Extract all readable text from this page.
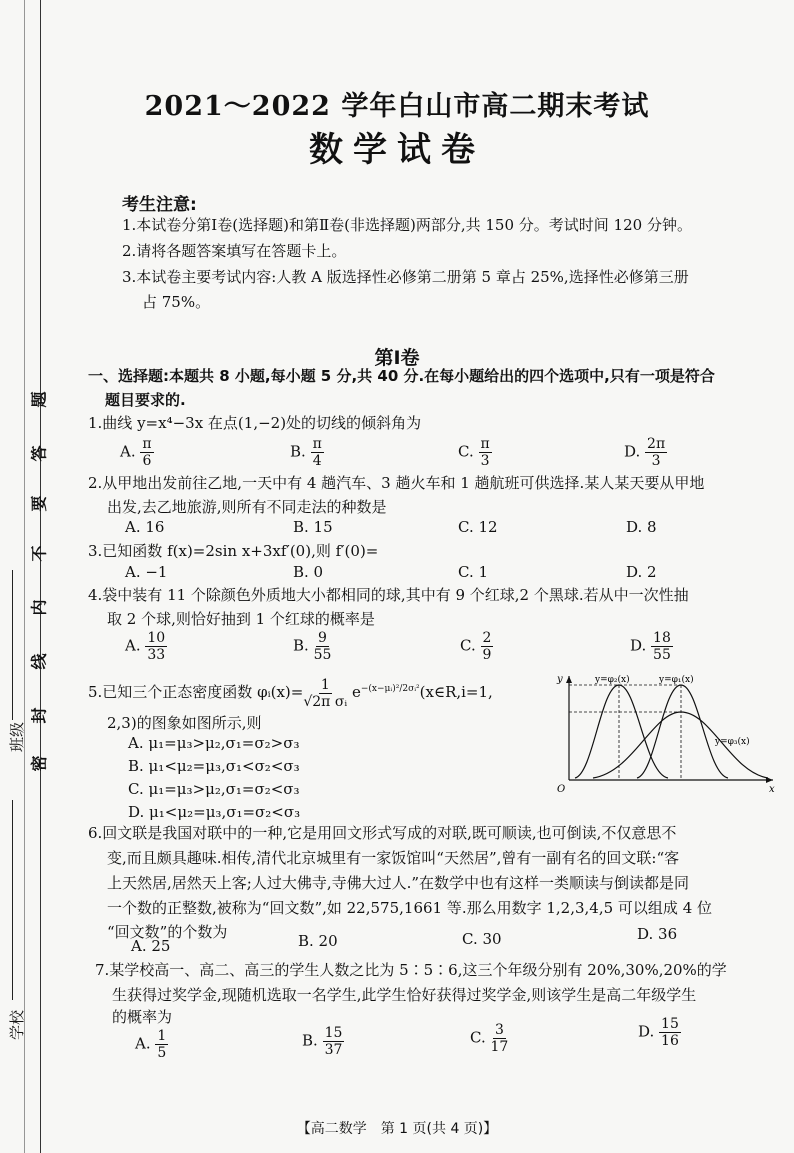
题
答
要
不
内
线
封
密
学校
班级
2021～2022 学年白山市高二期末考试
数学试卷
考生注意:
1.本试卷分第Ⅰ卷(选择题)和第Ⅱ卷(非选择题)两部分,共 150 分。考试时间 120 分钟。
2.请将各题答案填写在答题卡上。
3.本试卷主要考试内容:人教 A 版选择性必修第二册第 5 章占 25%,选择性必修第三册
占 75%。
第Ⅰ卷
一、选择题:本题共 8 小题,每小题 5 分,共 40 分.在每小题给出的四个选项中,只有一项是符合
题目要求的.
1.曲线 y=x⁴−3x 在点(1,−2)处的切线的倾斜角为
A. $\frac{\pi}{6}$	B. $\frac{\pi}{4}$	C. $\frac{\pi}{3}$	D. $\frac{2\pi}{3}$
2.从甲地出发前往乙地,一天中有 4 趟汽车、3 趟火车和 1 趟航班可供选择.某人某天要从甲地
出发,去乙地旅游,则所有不同走法的种数是
A. 16	B. 15	C. 12	D. 8
3.已知函数 f(x)=2sin x+3xf′(0),则 f′(0)=
A. −1	B. 0	C. 1	D. 2
4.袋中装有 11 个除颜色外质地大小都相同的球,其中有 9 个红球,2 个黑球.若从中一次性抽
取 2 个球,则恰好抽到 1 个红球的概率是
A. $\frac{10}{33}$	B. $\frac{9}{55}$	C. $\frac{2}{9}$	D. $\frac{18}{55}$
5.已知三个正态密度函数 φᵢ(x)= $\frac{1}{\text{√2π σᵢ}}$ $e^{-(x-\mu ᵢ)^2/2\sigma ᵢ^2}(x\in R,i=1$,
2,3)的图象如图所示,则
A. μ₁=μ₃>μ₂,σ₁=σ₂>σ₃
B. μ₁<μ₂=μ₃,σ₁<σ₂<σ₃
C. μ₁=μ₃>μ₂,σ₁=σ₂<σ₃
D. μ₁<μ₂=μ₃,σ₁=σ₂<σ₃
y
x
O
y=φ₂(x)	y=φ₁(x)
y=φ₃(x)
6.回文联是我国对联中的一种,它是用回文形式写成的对联,既可顺读,也可倒读,不仅意思不
变,而且颇具趣味.相传,清代北京城里有一家饭馆叫“天然居”,曾有一副有名的回文联:“客
上天然居,居然天上客;人过大佛寺,寺佛大过人.”在数学中也有这样一类顺读与倒读都是同
一个数的正整数,被称为“回文数”,如 22,575,1661 等.那么用数字 1,2,3,4,5 可以组成 4 位
“回文数”的个数为
A. 25	B. 20	C. 30	D. 36
7.某学校高一、高二、高三的学生人数之比为 5∶5∶6,这三个年级分别有 20%,30%,20%的学
生获得过奖学金,现随机选取一名学生,此学生恰好获得过奖学金,则该学生是高二年级学生
的概率为
A. $\frac{1}{5}$	B. $\frac{15}{37}$	C. $\frac{3}{17}$	D. $\frac{15}{16}$
【高二数学　第 1 页(共 4 页)】
